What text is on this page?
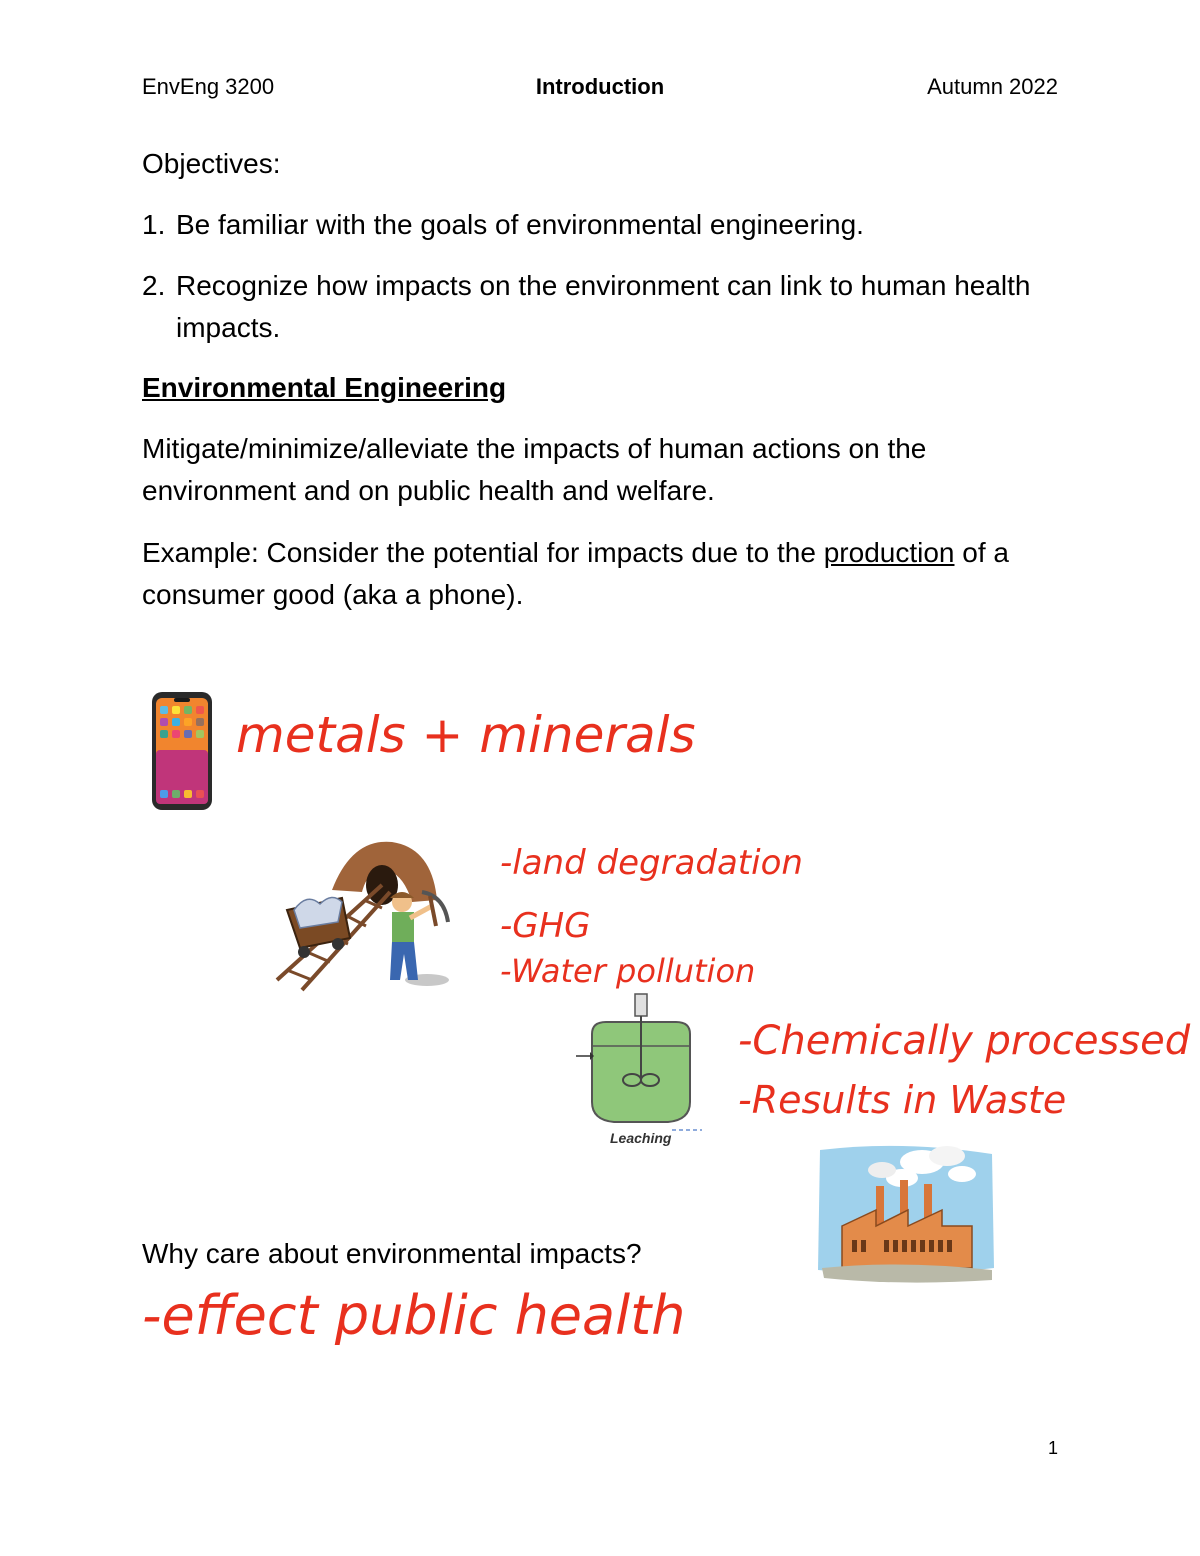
EnvEng 3200	Introduction	Autumn 2022
Objectives:
1. Be familiar with the goals of environmental engineering.
2. Recognize how impacts on the environment can link to human health impacts.
Environmental Engineering
Mitigate/minimize/alleviate the impacts of human actions on the environment and on public health and welfare.
Example: Consider the potential for impacts due to the production of a consumer good (aka a phone).
metals + minerals
-land degradation
-GHG
-Water pollution
Leaching
-Chemically processed
-Results in Waste
Why care about environmental impacts?
-effect public health
1
